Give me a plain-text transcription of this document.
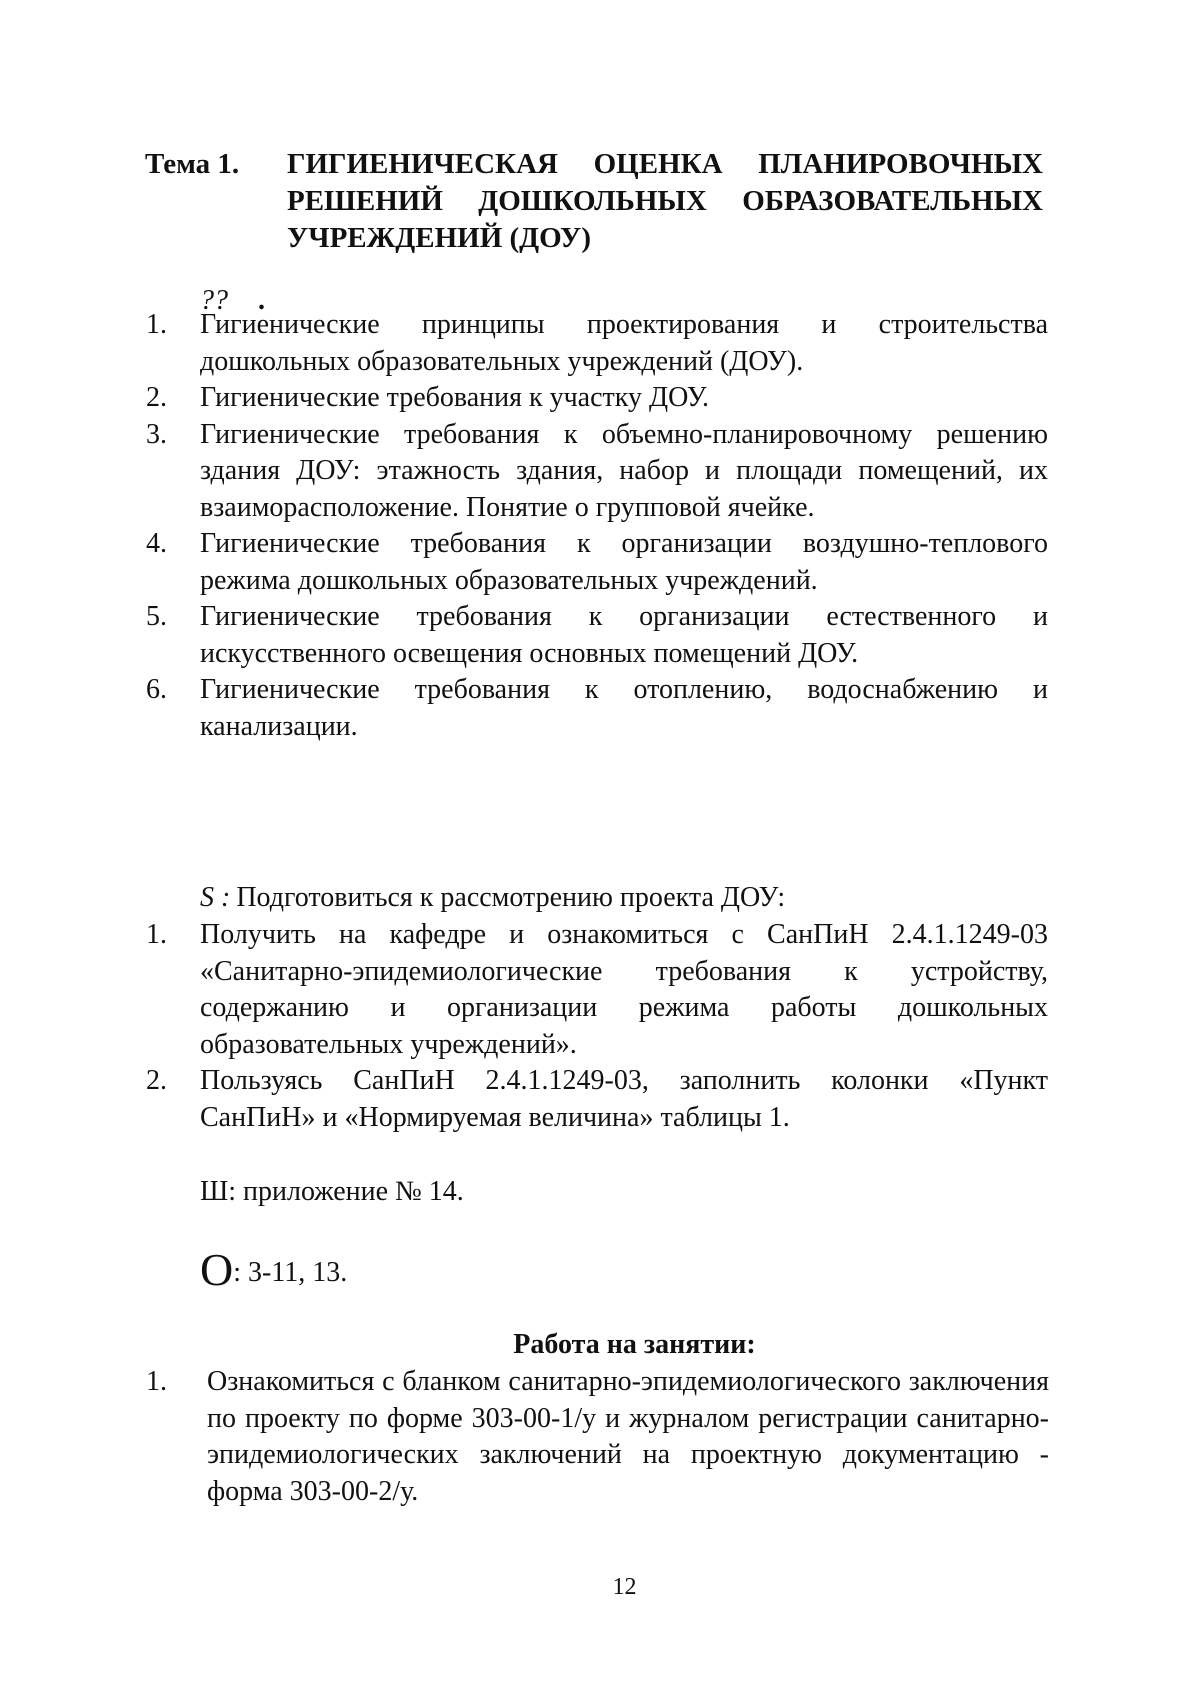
Тема 1.	ГИГИЕНИЧЕСКАЯ ОЦЕНКА ПЛАНИРОВОЧНЫХ РЕШЕНИЙ ДОШКОЛЬНЫХ ОБРАЗОВАТЕЛЬНЫХ УЧРЕЖДЕНИЙ (ДОУ)
?? .
1. Гигиенические принципы проектирования и строительства дошкольных образовательных учреждений (ДОУ).
2. Гигиенические требования к участку ДОУ.
3. Гигиенические требования к объемно-планировочному решению здания ДОУ: этажность здания, набор и площади помещений, их взаиморасположение. Понятие о групповой ячейке.
4. Гигиенические требования к организации воздушно-теплового режима дошкольных образовательных учреждений.
5. Гигиенические требования к организации естественного и искусственного освещения основных помещений ДОУ.
6. Гигиенические требования к отоплению, водоснабжению и канализации.
S : Подготовиться к рассмотрению проекта ДОУ:
1. Получить на кафедре и ознакомиться с СанПиН 2.4.1.1249-03 «Санитарно-эпидемиологические требования к устройству, содержанию и организации режима работы дошкольных образовательных учреждений».
2. Пользуясь СанПиН 2.4.1.1249-03, заполнить колонки «Пункт СанПиН» и «Нормируемая величина» таблицы 1.
Ш: приложение № 14.
О: 3-11, 13.
Работа на занятии:
1. Ознакомиться с бланком санитарно-эпидемиологического заключения по проекту по форме 303-00-1/у и журналом регистрации санитарно-эпидемиологических заключений на проектную документацию - форма 303-00-2/у.
12
